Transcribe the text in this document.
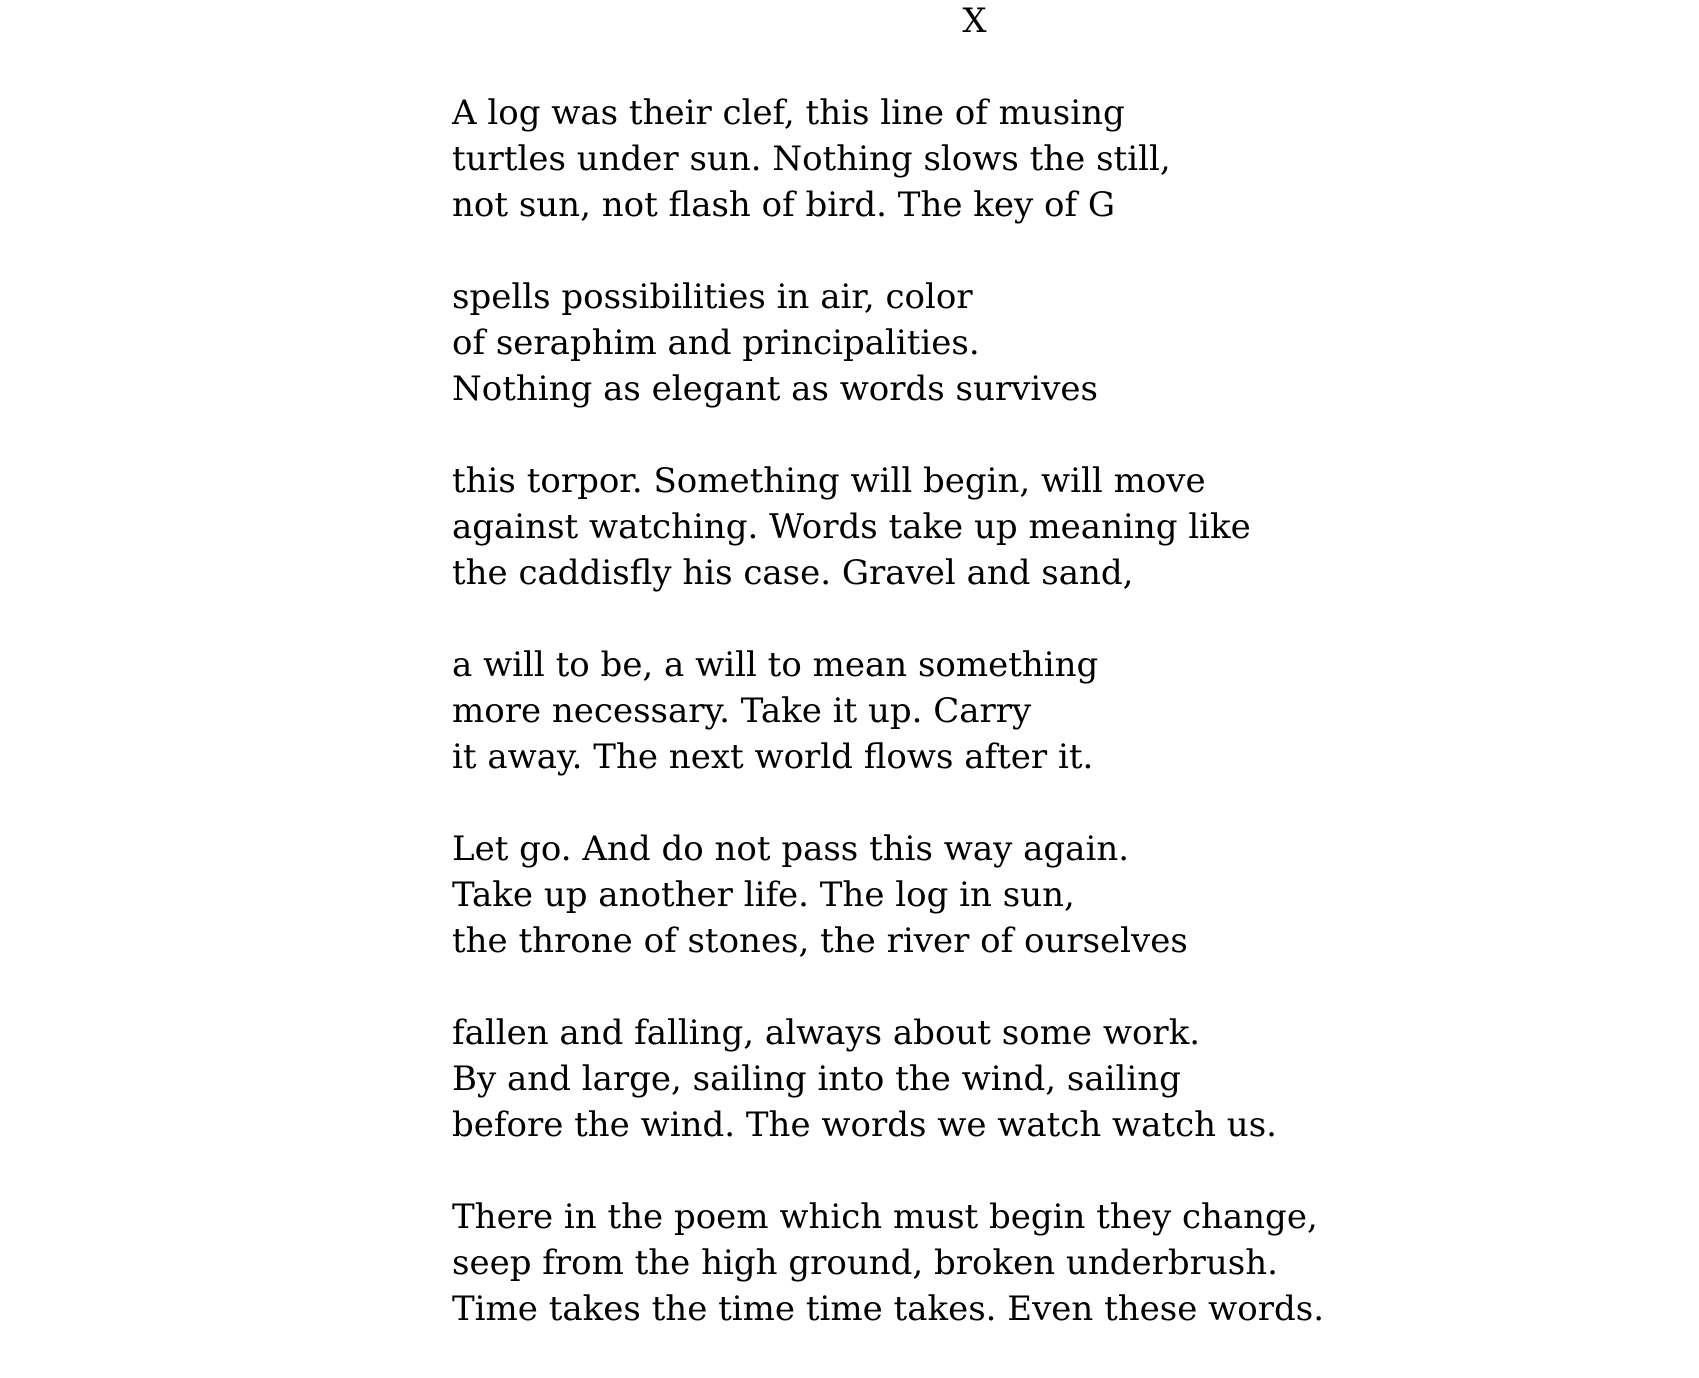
X
A log was their clef, this line of musing
turtles under sun. Nothing slows the still,
not sun, not flash of bird. The key of G
spells possibilities in air, color
of seraphim and principalities.
Nothing as elegant as words survives
this torpor. Something will begin, will move
against watching. Words take up meaning like
the caddisfly his case. Gravel and sand,
a will to be, a will to mean something
more necessary. Take it up. Carry
it away. The next world flows after it.
Let go. And do not pass this way again.
Take up another life. The log in sun,
the throne of stones, the river of ourselves
fallen and falling, always about some work.
By and large, sailing into the wind, sailing
before the wind. The words we watch watch us.
There in the poem which must begin they change,
seep from the high ground, broken underbrush.
Time takes the time time takes. Even these words.
